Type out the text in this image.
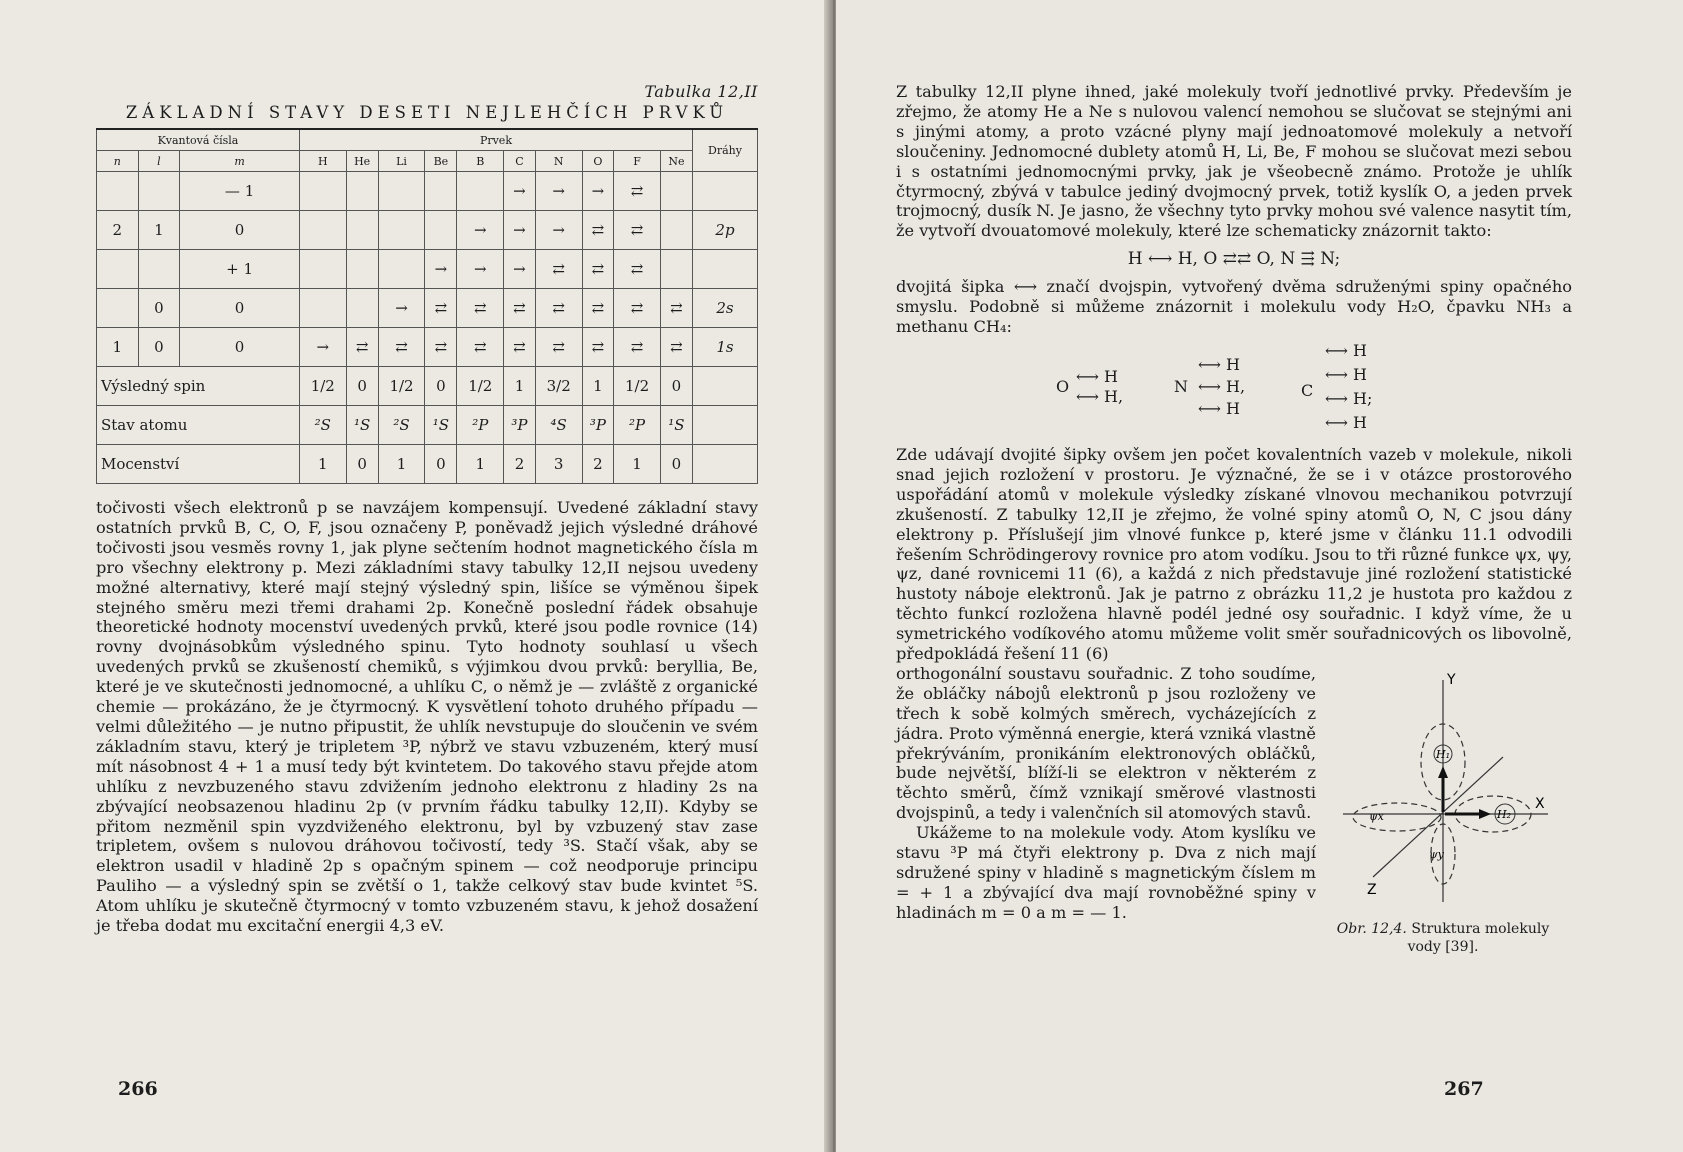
Tabulka 12,II
ZÁKLADNÍ STAVY DESETI NEJLEHČÍCH PRVKŮ
Kvantová čísla			Prvek										Dráhy
n	l	m	H	He	Li	Be	B	C	N	O	F	Ne	
		— 1						→	→	→	⇄		
2	1	0					→	→	→	⇄	⇄		2p
		+ 1				→	→	→	⇄	⇄	⇄		
	0	0			→	⇄	⇄	⇄	⇄	⇄	⇄	⇄	2s
1	0	0	→	⇄	⇄	⇄	⇄	⇄	⇄	⇄	⇄	⇄	1s
Výsledný spin			1/2	0	1/2	0	1/2	1	3/2	1	1/2	0	
Stav atomu			²S	¹S	²S	¹S	²P	³P	⁴S	³P	²P	¹S	
Mocenství			1	0	1	0	1	2	3	2	1	0	
točivosti všech elektronů p se navzájem kompensují. Uvedené základní stavy ostatních prvků B, C, O, F, jsou označeny P, poněvadž jejich výsledné dráhové točivosti jsou vesměs rovny 1, jak plyne sečtením hodnot magnetického čísla m pro všechny elektrony p. Mezi základními stavy tabulky 12,II nejsou uvedeny možné alternativy, které mají stejný výsledný spin, lišíce se výměnou šipek stejného směru mezi třemi drahami 2p. Konečně poslední řádek obsahuje theoretické hodnoty mocenství uvedených prvků, které jsou podle rovnice (14) rovny dvojnásobkům výsledného spinu. Tyto hodnoty souhlasí u všech uvedených prvků se zkušeností chemiků, s výjimkou dvou prvků: beryllia, Be, které je ve skutečnosti jednomocné, a uhlíku C, o němž je — zvláště z organické chemie — prokázáno, že je čtyrmocný. K vysvětlení tohoto druhého případu — velmi důležitého — je nutno připustit, že uhlík nevstupuje do sloučenin ve svém základním stavu, který je tripletem ³P, nýbrž ve stavu vzbuzeném, který musí mít násobnost 4 + 1 a musí tedy být kvintetem. Do takového stavu přejde atom uhlíku z nevzbuzeného stavu zdvižením jednoho elektronu z hladiny 2s na zbývající neobsazenou hladinu 2p (v prvním řádku tabulky 12,II). Kdyby se přitom nezměnil spin vyzdviženého elektronu, byl by vzbuzený stav zase tripletem, ovšem s nulovou dráhovou točivostí, tedy ³S. Stačí však, aby se elektron usadil v hladině 2p s opačným spinem — což neodporuje principu Pauliho — a výsledný spin se zvětší o 1, takže celkový stav bude kvintet ⁵S. Atom uhlíku je skutečně čtyrmocný v tomto vzbuzeném stavu, k jehož dosažení je třeba dodat mu excitační energii 4,3 eV.
266
Z tabulky 12,II plyne ihned, jaké molekuly tvoří jednotlivé prvky. Především je zřejmo, že atomy He a Ne s nulovou valencí nemohou se slučovat se stejnými ani s jinými atomy, a proto vzácné plyny mají jednoatomové molekuly a netvoří sloučeniny. Jednomocné dublety atomů H, Li, Be, F mohou se slučovat mezi sebou i s ostatními jednomocnými prvky, jak je všeobecně známo. Protože je uhlík čtyrmocný, zbývá v tabulce jediný dvojmocný prvek, totiž kyslík O, a jeden prvek trojmocný, dusík N. Je jasno, že všechny tyto prvky mohou své valence nasytit tím, že vytvoří dvouatomové molekuly, které lze schematicky znázornit takto:
H ⟷ H, O ⇄⇄ O, N ⇶ N;
dvojitá šipka ⟷ značí dvojspin, vytvořený dvěma sdruženými spiny opačného smyslu. Podobně si můžeme znázornit i molekulu vody H₂O, čpavku NH₃ a methanu CH₄:
O
⟷ H
⟷ H,
N
⟷ H
⟷ H,
⟷ H
C
⟷ H
⟷ H
⟷ H;
⟷ H
Zde udávají dvojité šipky ovšem jen počet kovalentních vazeb v molekule, nikoli snad jejich rozložení v prostoru. Je význačné, že se i v otázce prostorového uspořádání atomů v molekule výsledky získané vlnovou mechanikou potvrzují zkušeností. Z tabulky 12,II je zřejmo, že volné spiny atomů O, N, C jsou dány elektrony p. Příslušejí jim vlnové funkce p, které jsme v článku 11.1 odvodili řešením Schrödingerovy rovnice pro atom vodíku. Jsou to tři různé funkce ψx, ψy, ψz, dané rovnicemi 11 (6), a každá z nich představuje jiné rozložení statistické hustoty náboje elektronů. Jak je patrno z obrázku 11,2 je hustota pro každou z těchto funkcí rozložena hlavně podél jedné osy souřadnic. I když víme, že u symetrického vodíkového atomu můžeme volit směr souřadnicových os libovolně, předpokládá řešení 11 (6)
orthogonální soustavu souřadnic. Z toho soudíme, že obláčky nábojů elektronů p jsou rozloženy ve třech k sobě kolmých směrech, vycházejících z jádra. Proto výměnná energie, která vzniká vlastně překrýváním, pronikáním elektronových obláčků, bude největší, blíží-li se elektron v některém z těchto směrů, čímž vznikají směrové vlastnosti dvojspinů, a tedy i valenčních sil atomových stavů.
Ukážeme to na molekule vody. Atom kyslíku ve stavu ³P má čtyři elektrony p. Dva z nich mají sdružené spiny v hladině s magnetickým číslem m = + 1 a zbývající dva mají rovnoběžné spiny v hladinách m = 0 a m = — 1.
Y
X
Z
H₁
H₂
ψx
ψy
Obr. 12,4. Struktura molekuly vody [39].
267
